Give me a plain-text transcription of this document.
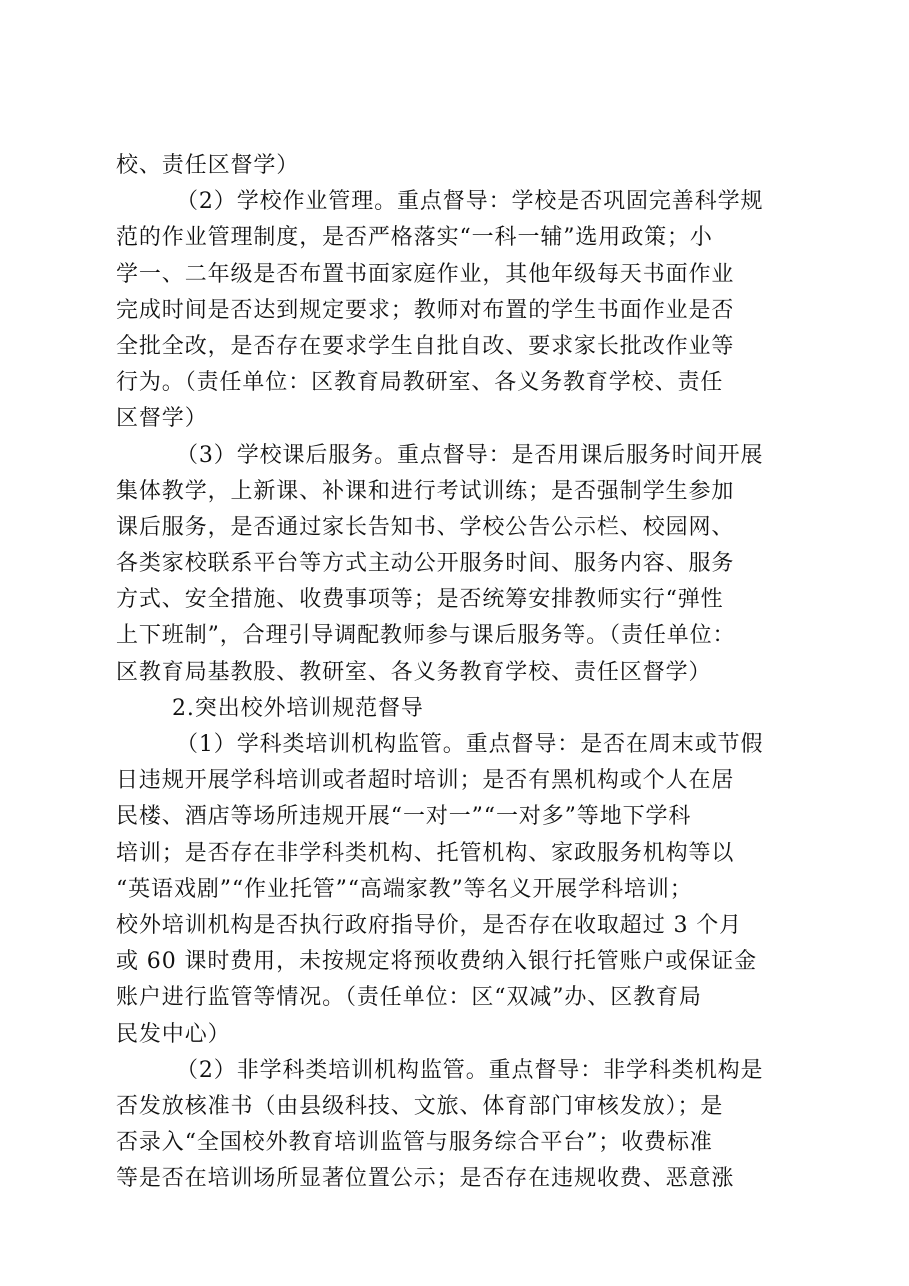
校、责任区督学）
（2）学校作业管理。重点督导：学校是否巩固完善科学规
范的作业管理制度，是否严格落实“一科一辅”选用政策；小
学一、二年级是否布置书面家庭作业，其他年级每天书面作业
完成时间是否达到规定要求；教师对布置的学生书面作业是否
全批全改，是否存在要求学生自批自改、要求家长批改作业等
行为。（责任单位：区教育局教研室、各义务教育学校、责任
区督学）
（3）学校课后服务。重点督导：是否用课后服务时间开展
集体教学，上新课、补课和进行考试训练；是否强制学生参加
课后服务，是否通过家长告知书、学校公告公示栏、校园网、
各类家校联系平台等方式主动公开服务时间、服务内容、服务
方式、安全措施、收费事项等；是否统筹安排教师实行“弹性
上下班制”，合理引导调配教师参与课后服务等。（责任单位：
区教育局基教股、教研室、各义务教育学校、责任区督学）
2.突出校外培训规范督导
（1）学科类培训机构监管。重点督导：是否在周末或节假
日违规开展学科培训或者超时培训；是否有黑机构或个人在居
民楼、酒店等场所违规开展“一对一”“一对多”等地下学科
培训；是否存在非学科类机构、托管机构、家政服务机构等以
“英语戏剧”“作业托管”“高端家教”等名义开展学科培训；
校外培训机构是否执行政府指导价，是否存在收取超过 3 个月
或 60 课时费用，未按规定将预收费纳入银行托管账户或保证金
账户进行监管等情况。（责任单位：区“双减”办、区教育局
民发中心）
（2）非学科类培训机构监管。重点督导：非学科类机构是
否发放核准书（由县级科技、文旅、体育部门审核发放）；是
否录入“全国校外教育培训监管与服务综合平台”；收费标准
等是否在培训场所显著位置公示；是否存在违规收费、恶意涨
